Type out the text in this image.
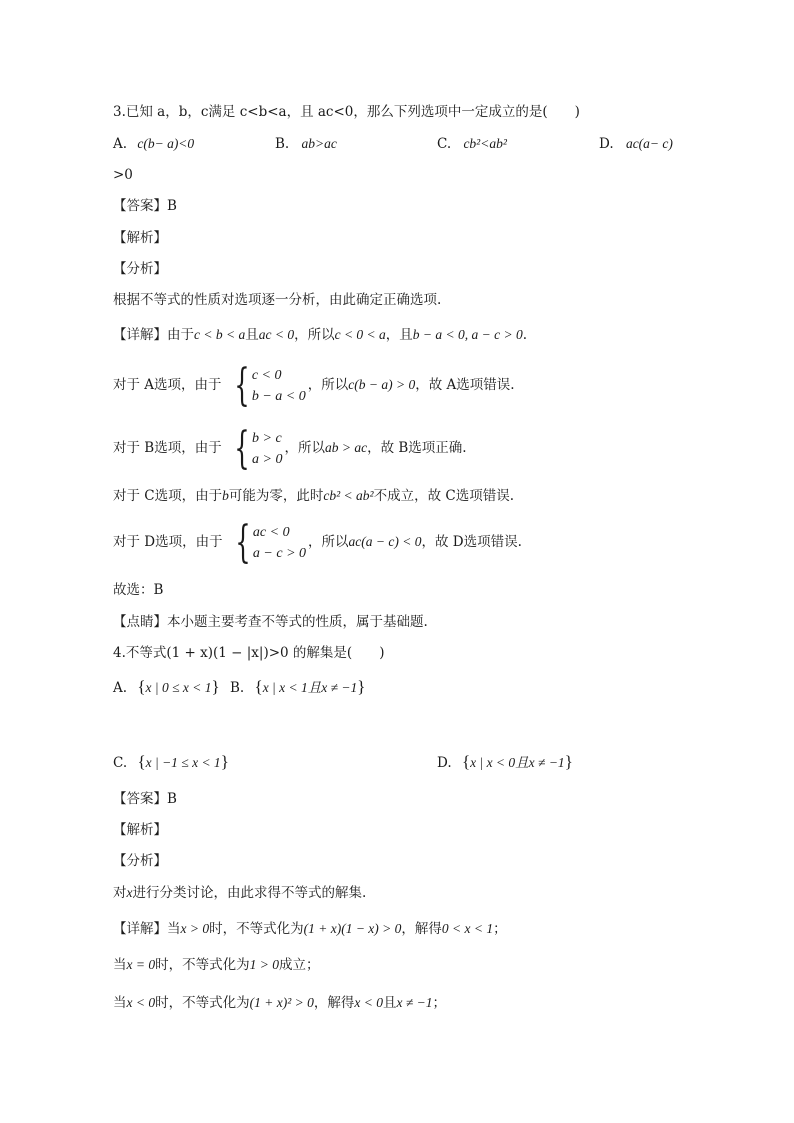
3.已知 a，b，c满足 c<b<a，且 ac<0，那么下列选项中一定成立的是(　　)
A. c(b− a)<0	B. ab>ac	C. cb²<ab²	D. ac(a− c)
>0
【答案】B
【解析】
【分析】
根据不等式的性质对选项逐一分析，由此确定正确选项.
【详解】由于c < b < a且ac < 0，所以c < 0 < a，且b − a < 0, a − c > 0.
对于 A选项，由于 { c < 0
b − a < 0
，所以c(b − a) > 0，故 A选项错误.
对于 B选项，由于 { b > c
a > 0
，所以ab > ac，故 B选项正确.
对于 C选项，由于b可能为零，此时cb² < ab²不成立，故 C选项错误.
对于 D选项，由于 { ac < 0
a − c > 0
，所以ac(a − c) < 0，故 D选项错误.
故选：B
【点睛】本小题主要考查不等式的性质，属于基础题.
4.不等式(1 + x)(1 − |x|)>0 的解集是(　　)
A. {x | 0 ≤ x < 1} B. {x | x < 1且x ≠ −1}
C. {x | −1 ≤ x < 1}	D. {x | x < 0且x ≠ −1}
【答案】B
【解析】
【分析】
对x进行分类讨论，由此求得不等式的解集.
【详解】当x > 0时，不等式化为(1 + x)(1 − x) > 0，解得0 < x < 1；
当x = 0时，不等式化为1 > 0成立；
当x < 0时，不等式化为(1 + x)² > 0，解得x < 0且x ≠ −1；
